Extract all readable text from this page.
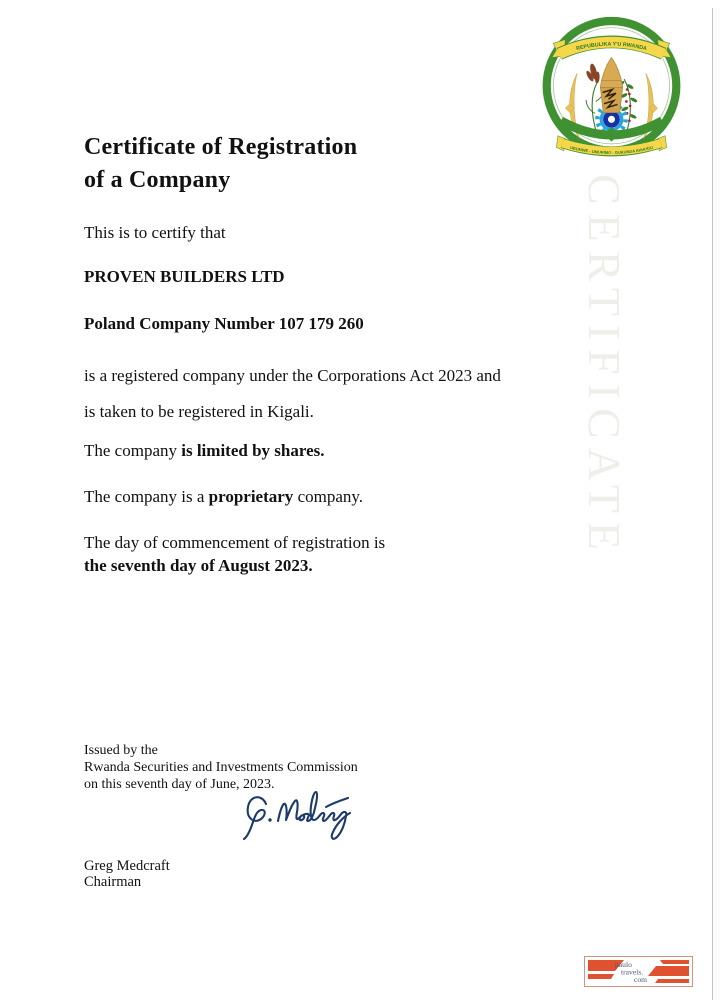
CERTIFICATE
REPUBULIKA Y'U RWANDA
UBUMWE - UMURIMO - GUKUNDA IGIHUGU
Certificate of Registration
of a Company
This is to certify that
PROVEN BUILDERS LTD
Poland Company Number 107 179 260
is a registered company under the Corporations Act 2023 and
is taken to be registered in Kigali.
The company is limited by shares.
The company is a proprietary company.
The day of commencement of registration is
the seventh day of August 2023.
Issued by the
Rwanda Securities and Investments Commission
on this seventh day of June, 2023.
Greg Medcraft
Chairman
paulo
travels.
com
